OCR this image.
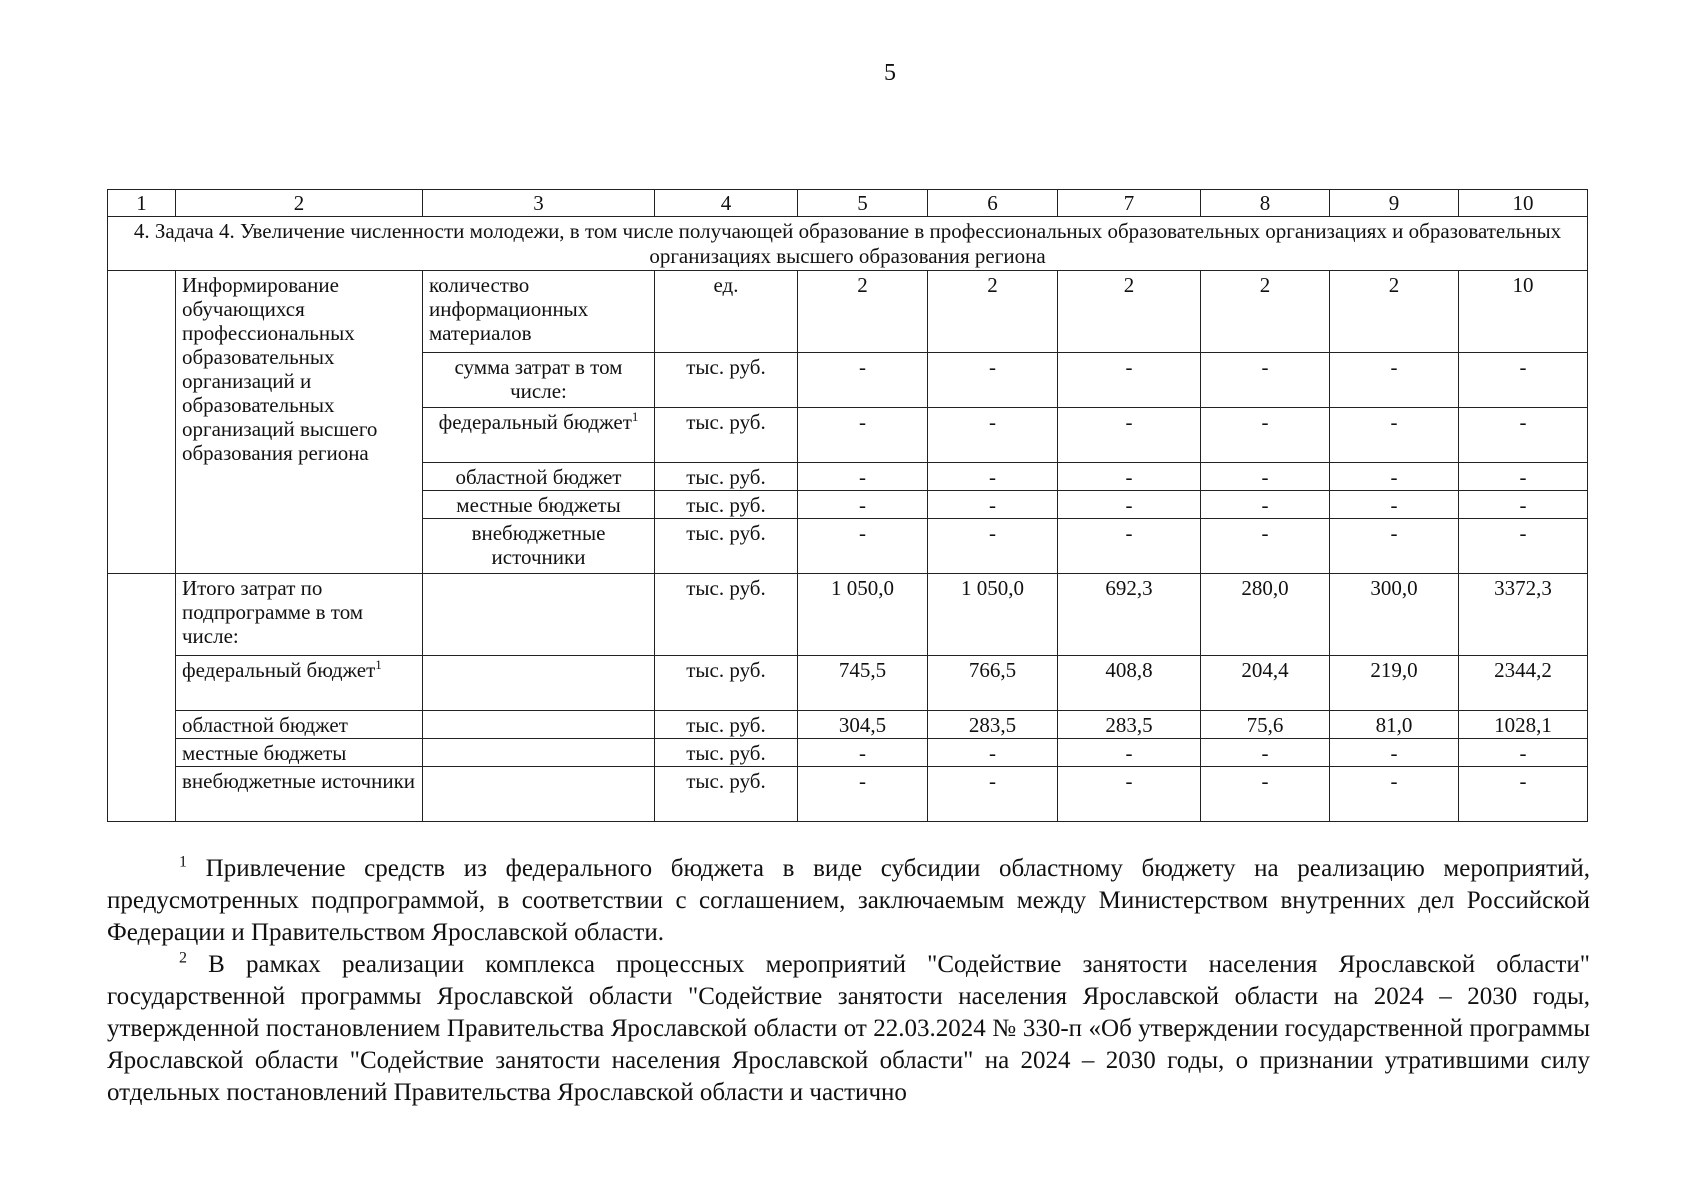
5
1	2	3	4	5	6	7	8	9	10
4. Задача 4. Увеличение численности молодежи, в том числе получающей образование в профессиональных образовательных организациях и образовательных организациях высшего образования региона									
	Информирование обучающихся профессиональных образовательных организаций и образовательных организаций высшего образования региона	количество информационных материалов	ед.	2	2	2	2	2	10
		сумма затрат в том числе:	тыс. руб.	-	-	-	-	-	-
		федеральный бюджет$^1$	тыс. руб.	-	-	-	-	-	-
		областной бюджет	тыс. руб.	-	-	-	-	-	-
		местные бюджеты	тыс. руб.	-	-	-	-	-	-
		внебюджетные источники	тыс. руб.	-	-	-	-	-	-
	Итого затрат по подпрограмме в том числе:		тыс. руб.	1 050,0	1 050,0	692,3	280,0	300,0	3372,3
	федеральный бюджет$^1$		тыс. руб.	745,5	766,5	408,8	204,4	219,0	2344,2
	областной бюджет		тыс. руб.	304,5	283,5	283,5	75,6	81,0	1028,1
	местные бюджеты		тыс. руб.	-	-	-	-	-	-
	внебюджетные источники		тыс. руб.	-	-	-	-	-	-

$^1$ Привлечение средств из федерального бюджета в виде субсидии областному бюджету на реализацию мероприятий, предусмотренных подпрограммой, в соответствии с соглашением, заключаемым между Министерством внутренних дел Российской Федерации и Правительством Ярославской области.

$^2$ В рамках реализации комплекса процессных мероприятий "Содействие занятости населения Ярославской области" государственной программы Ярославской области "Содействие занятости населения Ярославской области на 2024 – 2030 годы, утвержденной постановлением Правительства Ярославской области от 22.03.2024 № 330-п «Об утверждении государственной программы Ярославской области "Содействие занятости населения Ярославской области" на 2024 – 2030 годы, о признании утратившими силу отдельных постановлений Правительства Ярославской области и частично
